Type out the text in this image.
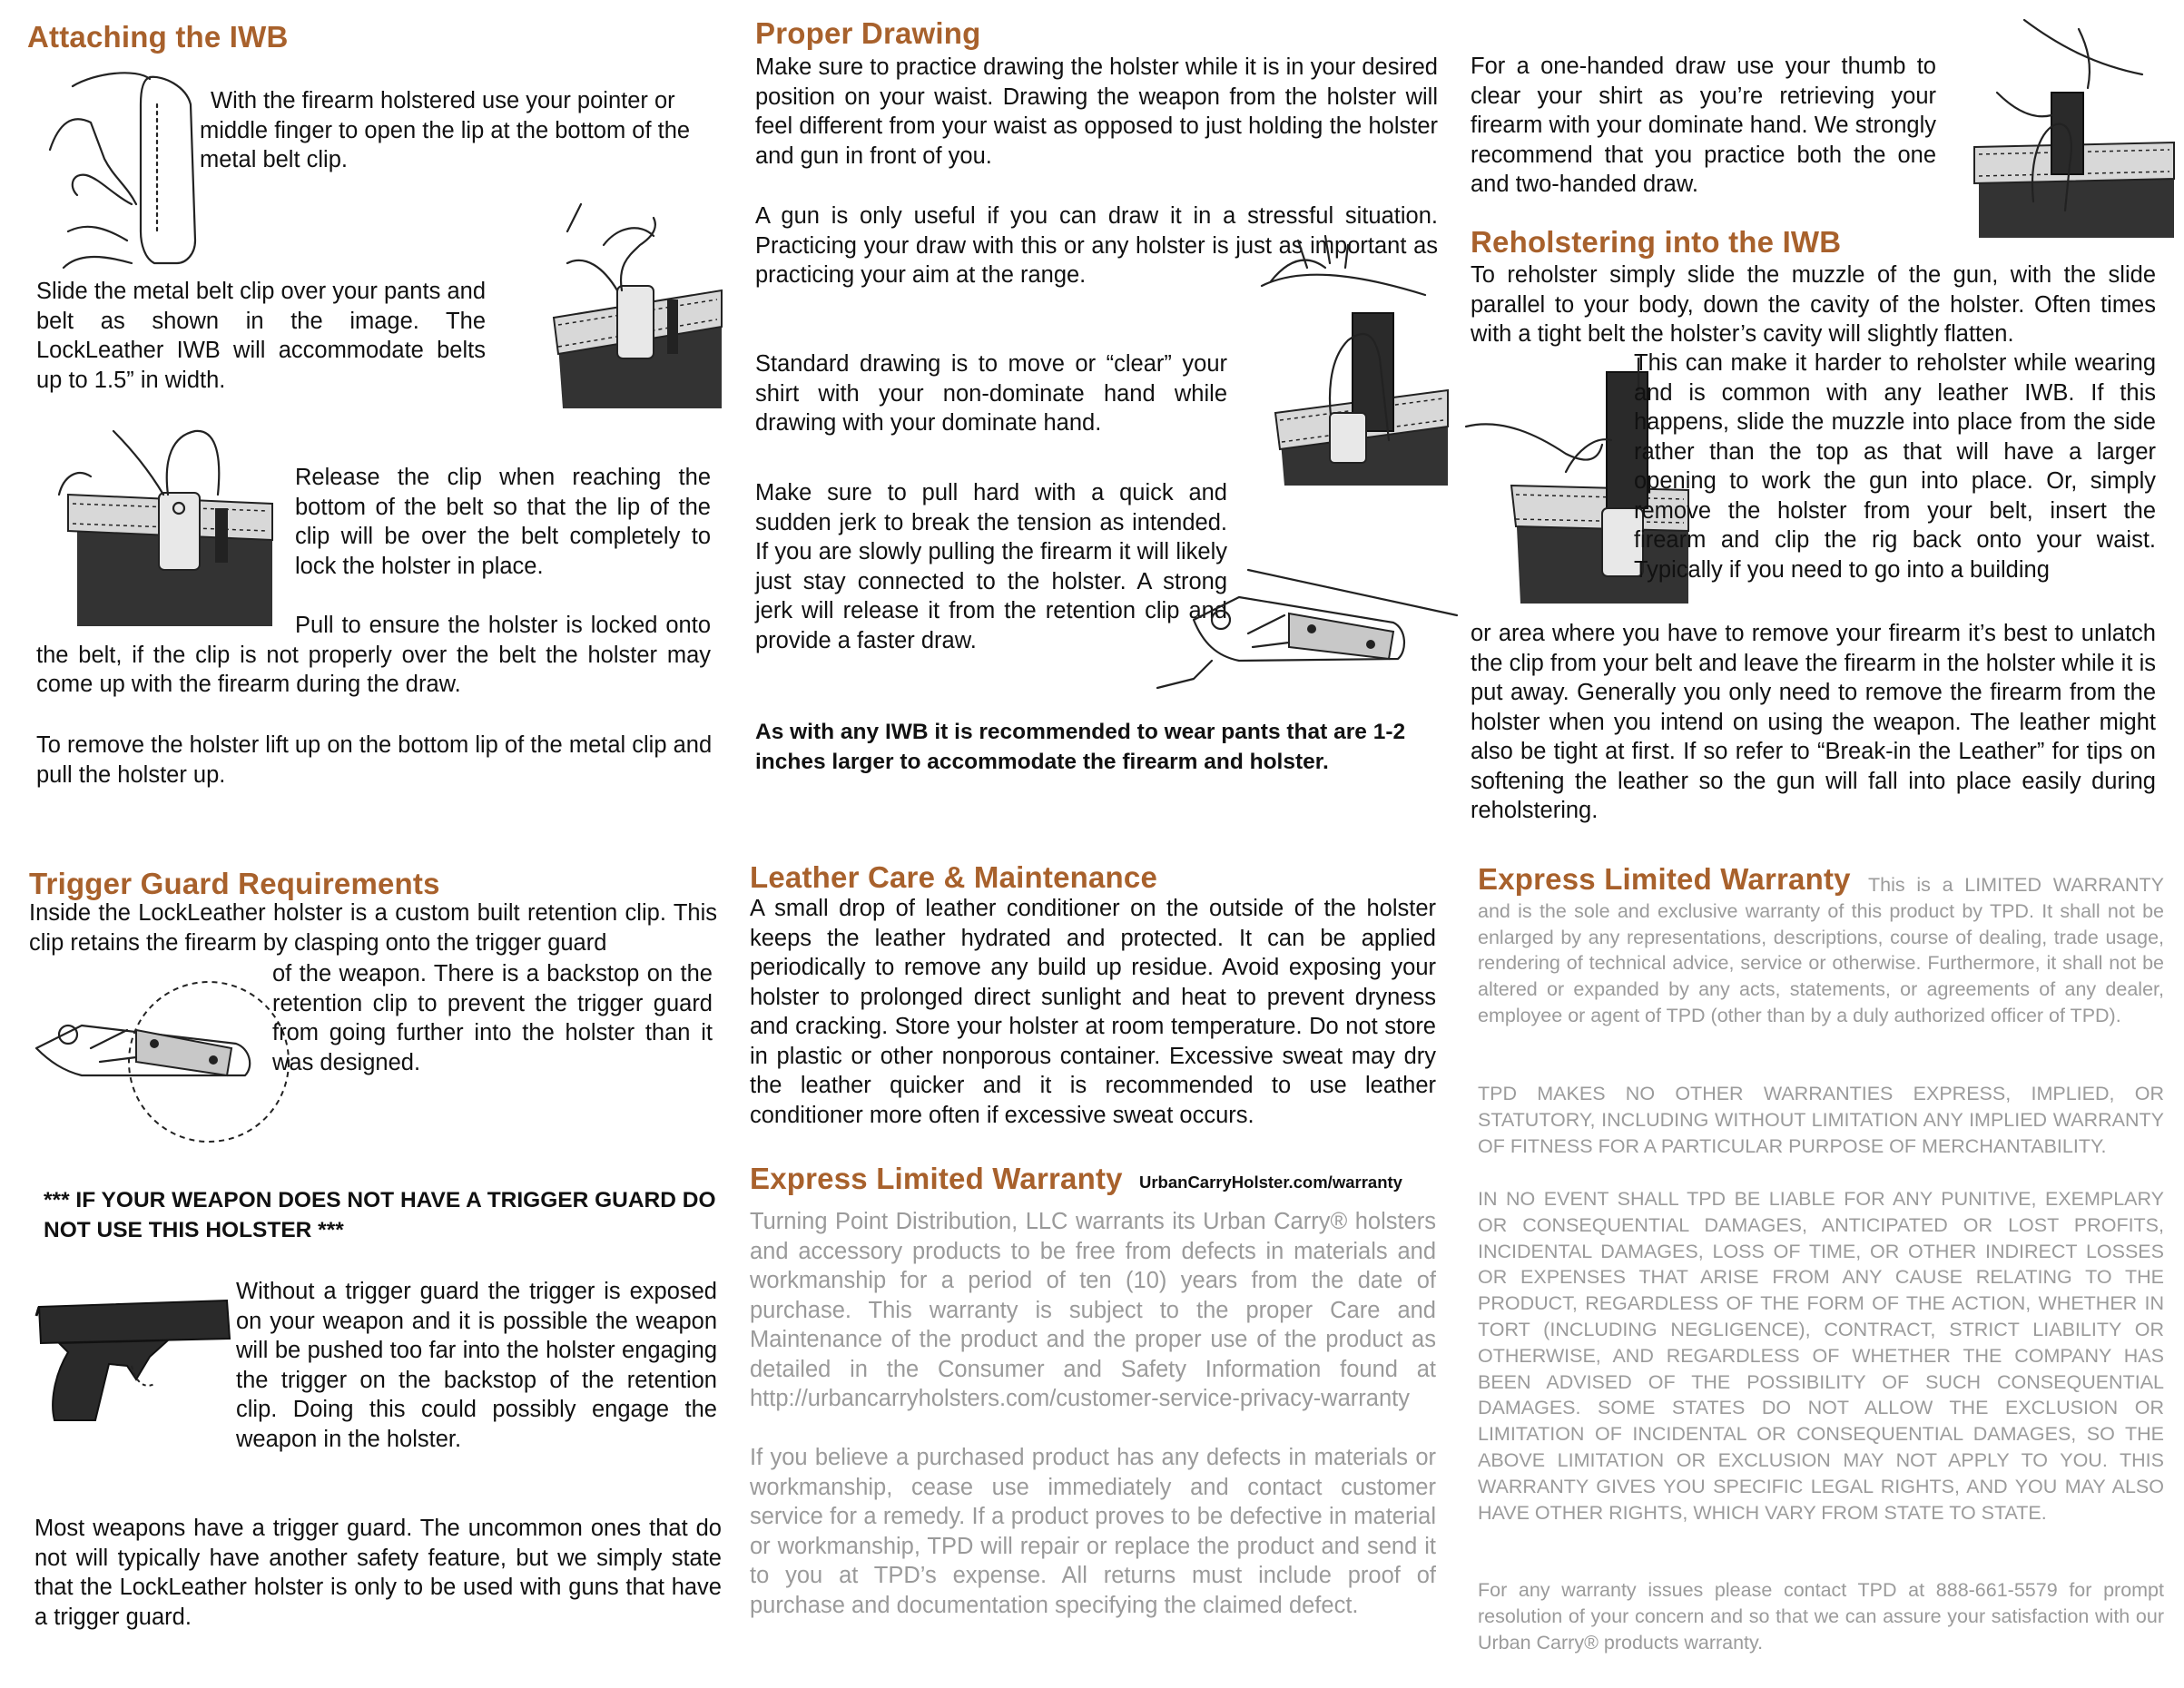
Attaching the IWB

With the firearm holstered use your pointer or middle finger to open the lip at the bottom of the metal belt clip.

Slide the metal belt clip over your pants and belt as shown in the image. The LockLeather IWB will accommodate belts up to 1.5” in width.

Release the clip when reaching the bottom of the belt so that the lip of the clip will be over the belt completely to lock the holster in place.

Pull to ensure the holster is locked onto the belt, if the clip is not properly over the belt the holster may come up with the firearm during the draw.

To remove the holster lift up on the bottom lip of the metal clip and pull the holster up.

Trigger Guard Requirements

Inside the LockLeather holster is a custom built retention clip. This clip retains the firearm by clasping onto the trigger guard

of the weapon. There is a backstop on the retention clip to prevent the trigger guard from going further into the holster than it was designed.

*** IF YOUR WEAPON DOES NOT HAVE A TRIGGER GUARD DO NOT USE THIS HOLSTER ***

Without a trigger guard the trigger is exposed on your weapon and it is possible the weapon will be pushed too far into the holster engaging the trigger on the backstop of the retention clip. Doing this could possibly engage the weapon in the holster.

Most weapons have a trigger guard. The uncommon ones that do not will typically have another safety feature, but we simply state that the LockLeather holster is only to be used with guns that have a trigger guard.

Proper Drawing

Make sure to practice drawing the holster while it is in your desired position on your waist. Drawing the weapon from the holster will feel different from your waist as opposed to just holding the holster and gun in front of you.

A gun is only useful if you can draw it in a stressful situation. Practicing your draw with this or any holster is just as important as practicing your aim at the range.

Standard drawing is to move or “clear” your shirt with your non-dominate hand while drawing with your dominate hand.

Make sure to pull hard with a quick and sudden jerk to break the tension as intended. If you are slowly pulling the firearm it will likely just stay connected to the holster. A strong jerk will release it from the retention clip and provide a faster draw.

As with any IWB it is recommended to wear pants that are 1-2 inches larger to accommodate the firearm and holster.

Leather Care & Maintenance

A small drop of leather conditioner on the outside of the holster keeps the leather hydrated and protected. It can be applied periodically to remove any build up residue. Avoid exposing your holster to prolonged direct sunlight and heat to prevent dryness and cracking. Store your holster at room temperature. Do not store in plastic or other nonporous container. Excessive sweat may dry the leather quicker and it is recommended to use leather conditioner more often if excessive sweat occurs.

Express Limited Warranty UrbanCarryHolster.com/warranty

Turning Point Distribution, LLC warrants its Urban Carry® holsters and accessory products to be free from defects in materials and workmanship for a period of ten (10) years from the date of purchase. This warranty is subject to the proper Care and Maintenance of the product and the proper use of the product as detailed in the Consumer and Safety Information found at http://urbancarryholsters.com/customer-service-privacy-warranty

If you believe a purchased product has any defects in materials or workmanship, cease use immediately and contact customer service for a remedy. If a product proves to be defective in material or workmanship, TPD will repair or replace the product and send it to you at TPD’s expense. All returns must include proof of purchase and documentation specifying the claimed defect.

For a one-handed draw use your thumb to clear your shirt as you’re retrieving your firearm with your dominate hand. We strongly recommend that you practice both the one and two-handed draw.

Reholstering into the IWB

To reholster simply slide the muzzle of the gun, with the slide parallel to your body, down the cavity of the holster. Often times with a tight belt the holster’s cavity will slightly flatten.

This can make it harder to reholster while wearing and is common with any leather IWB. If this happens, slide the muzzle into place from the side rather than the top as that will have a larger opening to work the gun into place. Or, simply remove the holster from your belt, insert the firearm and clip the rig back onto your waist. Typically if you need to go into a building

or area where you have to remove your firearm it’s best to unlatch the clip from your belt and leave the firearm in the holster while it is put away. Generally you only need to remove the firearm from the holster when you intend on using the weapon. The leather might also be tight at first. If so refer to “Break-in the Leather” for tips on softening the leather so the gun will fall into place easily during reholstering.

Express Limited Warranty This is a LIMITED WARRANTY and is the sole and exclusive warranty of this product by TPD. It shall not be enlarged by any representations, descriptions, course of dealing, trade usage, rendering of technical advice, service or otherwise. Furthermore, it shall not be altered or expanded by any acts, statements, or agreements of any dealer, employee or agent of TPD (other than by a duly authorized officer of TPD).

TPD MAKES NO OTHER WARRANTIES EXPRESS, IMPLIED, OR STATUTORY, INCLUDING WITHOUT LIMITATION ANY IMPLIED WARRANTY OF FITNESS FOR A PARTICULAR PURPOSE OF MERCHANTABILITY.

IN NO EVENT SHALL TPD BE LIABLE FOR ANY PUNITIVE, EXEMPLARY OR CONSEQUENTIAL DAMAGES, ANTICIPATED OR LOST PROFITS, INCIDENTAL DAMAGES, LOSS OF TIME, OR OTHER INDIRECT LOSSES OR EXPENSES THAT ARISE FROM ANY CAUSE RELATING TO THE PRODUCT, REGARDLESS OF THE FORM OF THE ACTION, WHETHER IN TORT (INCLUDING NEGLIGENCE), CONTRACT, STRICT LIABILITY OR OTHERWISE, AND REGARDLESS OF WHETHER THE COMPANY HAS BEEN ADVISED OF THE POSSIBILITY OF SUCH CONSEQUENTIAL DAMAGES. SOME STATES DO NOT ALLOW THE EXCLUSION OR LIMITATION OF INCIDENTAL OR CONSEQUENTIAL DAMAGES, SO THE ABOVE LIMITATION OR EXCLUSION MAY NOT APPLY TO YOU. THIS WARRANTY GIVES YOU SPECIFIC LEGAL RIGHTS, AND YOU MAY ALSO HAVE OTHER RIGHTS, WHICH VARY FROM STATE TO STATE.

For any warranty issues please contact TPD at 888-661-5579 for prompt resolution of your concern and so that we can assure your satisfaction with our Urban Carry® products warranty.
